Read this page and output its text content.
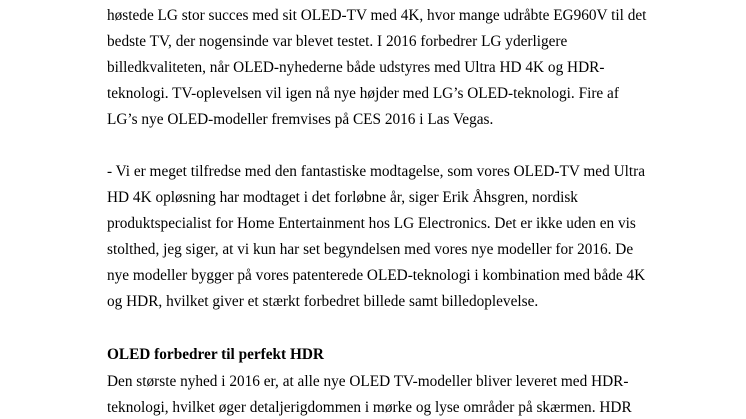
høstede LG stor succes med sit OLED-TV med 4K, hvor mange udråbte EG960V til det

bedste TV, der nogensinde var blevet testet. I 2016 forbedrer LG yderligere

billedkvaliteten, når OLED-nyhederne både udstyres med Ultra HD 4K og HDR-

teknologi. TV-oplevelsen vil igen nå nye højder med LG’s OLED-teknologi. Fire af

LG’s nye OLED-modeller fremvises på CES 2016 i Las Vegas.

- Vi er meget tilfredse med den fantastiske modtagelse, som vores OLED-TV med Ultra

HD 4K opløsning har modtaget i det forløbne år, siger Erik Åhsgren, nordisk

produktspecialist for Home Entertainment hos LG Electronics. Det er ikke uden en vis

stolthed, jeg siger, at vi kun har set begyndelsen med vores nye modeller for 2016. De

nye modeller bygger på vores patenterede OLED-teknologi i kombination med både 4K

og HDR, hvilket giver et stærkt forbedret billede samt billedoplevelse.

OLED forbedrer til perfekt HDR

Den største nyhed i 2016 er, at alle nye OLED TV-modeller bliver leveret med HDR-

teknologi, hvilket øger detaljerigdommen i mørke og lyse områder på skærmen. HDR
